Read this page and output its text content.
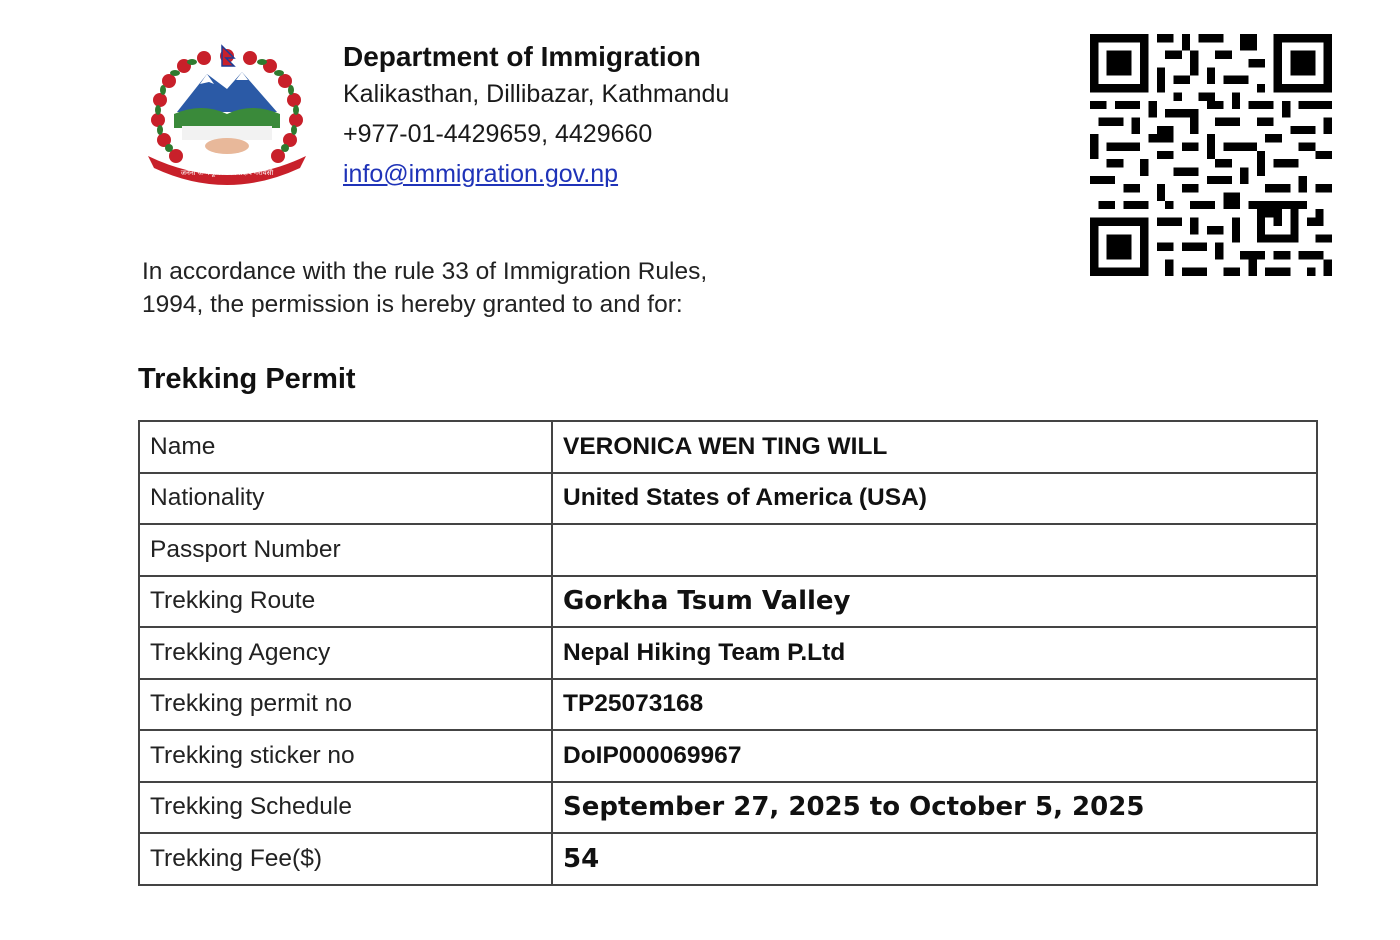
जननी जन्मभूमिश्च स्वर्गादपि गरीयसी
Department of Immigration
Kalikasthan, Dillibazar, Kathmandu
+977-01-4429659, 4429660
info@immigration.gov.np
In accordance with the rule 33 of Immigration Rules,
1994, the permission is hereby granted to and for:
Trekking Permit
Name	VERONICA WEN TING WILL
Nationality	United States of America (USA)
Passport Number	
Trekking Route	Gorkha Tsum Valley
Trekking Agency	Nepal Hiking Team P.Ltd
Trekking permit no	TP25073168
Trekking sticker no	DoIP000069967
Trekking Schedule	September 27, 2025 to October 5, 2025
Trekking Fee($)	54
